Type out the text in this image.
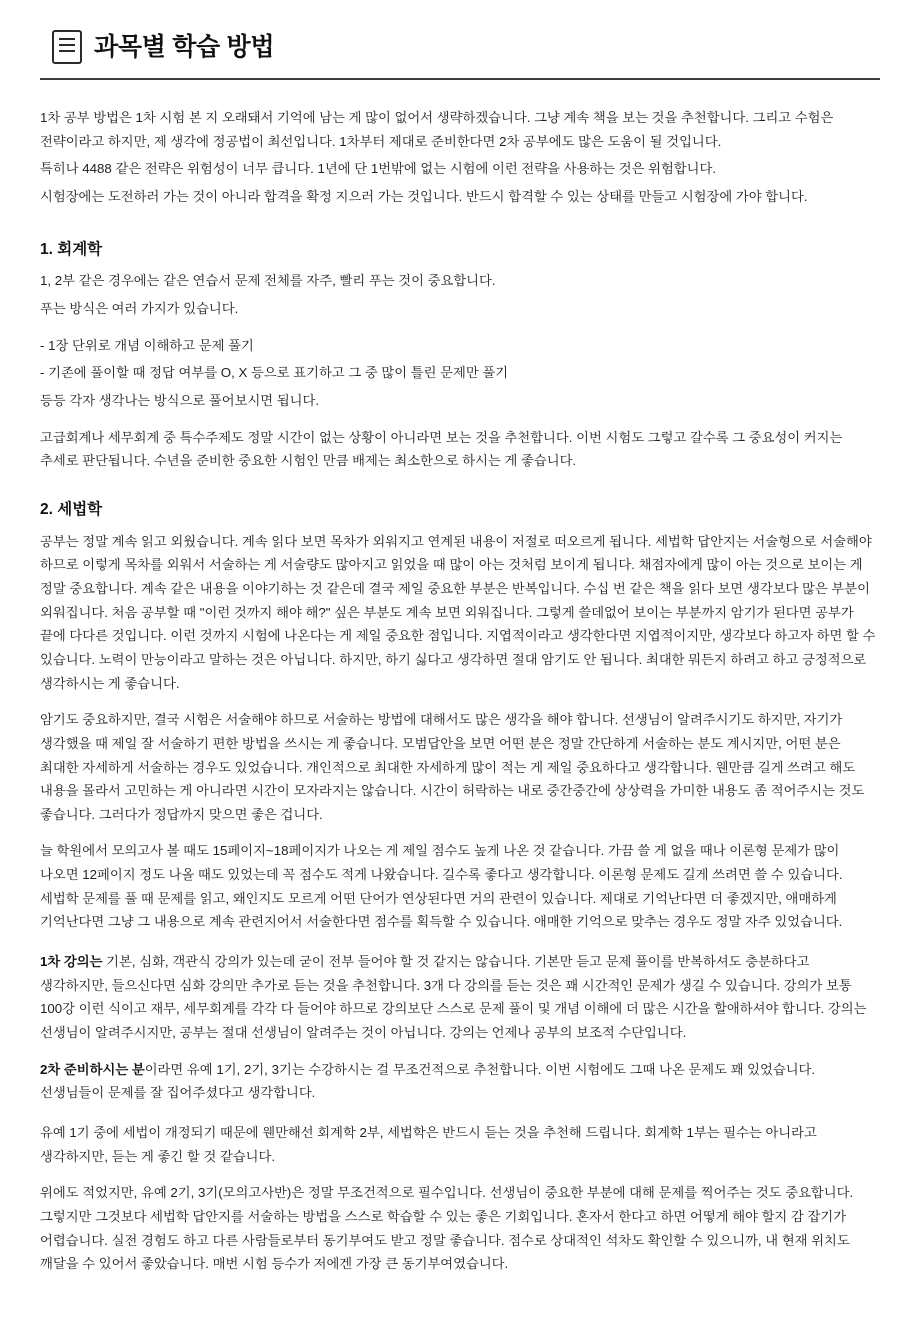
과목별 학습 방법

1차 공부 방법은 1차 시험 본 지 오래돼서 기억에 남는 게 많이 없어서 생략하겠습니다. 그냥 계속 책을 보는 것을 추천합니다. 그리고 수험은 전략이라고 하지만, 제 생각에 정공법이 최선입니다. 1차부터 제대로 준비한다면 2차 공부에도 많은 도움이 될 것입니다.

특히나 4488 같은 전략은 위험성이 너무 큽니다. 1년에 단 1번밖에 없는 시험에 이런 전략을 사용하는 것은 위험합니다.

시험장에는 도전하러 가는 것이 아니라 합격을 확정 지으러 가는 것입니다. 반드시 합격할 수 있는 상태를 만들고 시험장에 가야 합니다.

1. 회계학

1, 2부 같은 경우에는 같은 연습서 문제 전체를 자주, 빨리 푸는 것이 중요합니다.

푸는 방식은 여러 가지가 있습니다.

- 1장 단위로 개념 이해하고 문제 풀기

- 기존에 풀이할 때 정답 여부를 O, X 등으로 표기하고 그 중 많이 틀린 문제만 풀기

등등 각자 생각나는 방식으로 풀어보시면 됩니다.

고급회계나 세무회계 중 특수주제도 정말 시간이 없는 상황이 아니라면 보는 것을 추천합니다. 이번 시험도 그렇고 갈수록 그 중요성이 커지는 추세로 판단됩니다. 수년을 준비한 중요한 시험인 만큼 배제는 최소한으로 하시는 게 좋습니다.

2. 세법학

공부는 정말 계속 읽고 외웠습니다. 계속 읽다 보면 목차가 외워지고 연계된 내용이 저절로 떠오르게 됩니다. 세법학 답안지는 서술형으로 서술해야 하므로 이렇게 목차를 외워서 서술하는 게 서술량도 많아지고 읽었을 때 많이 아는 것처럼 보이게 됩니다. 채점자에게 많이 아는 것으로 보이는 게 정말 중요합니다. 계속 같은 내용을 이야기하는 것 같은데 결국 제일 중요한 부분은 반복입니다. 수십 번 같은 책을 읽다 보면 생각보다 많은 부분이 외워집니다. 처음 공부할 때 "이런 것까지 해야 해?" 싶은 부분도 계속 보면 외워집니다. 그렇게 쓸데없어 보이는 부분까지 암기가 된다면 공부가 끝에 다다른 것입니다. 이런 것까지 시험에 나온다는 게 제일 중요한 점입니다. 지엽적이라고 생각한다면 지엽적이지만, 생각보다 하고자 하면 할 수 있습니다. 노력이 만능이라고 말하는 것은 아닙니다. 하지만, 하기 싫다고 생각하면 절대 암기도 안 됩니다. 최대한 뭐든지 하려고 하고 긍정적으로 생각하시는 게 좋습니다.

암기도 중요하지만, 결국 시험은 서술해야 하므로 서술하는 방법에 대해서도 많은 생각을 해야 합니다. 선생님이 알려주시기도 하지만, 자기가 생각했을 때 제일 잘 서술하기 편한 방법을 쓰시는 게 좋습니다. 모범답안을 보면 어떤 분은 정말 간단하게 서술하는 분도 계시지만, 어떤 분은 최대한 자세하게 서술하는 경우도 있었습니다. 개인적으로 최대한 자세하게 많이 적는 게 제일 중요하다고 생각합니다. 웬만큼 길게 쓰려고 해도 내용을 몰라서 고민하는 게 아니라면 시간이 모자라지는 않습니다. 시간이 허락하는 내로 중간중간에 상상력을 가미한 내용도 좀 적어주시는 것도 좋습니다. 그러다가 정답까지 맞으면 좋은 겁니다.

늘 학원에서 모의고사 볼 때도 15페이지~18페이지가 나오는 게 제일 점수도 높게 나온 것 같습니다. 가끔 쓸 게 없을 때나 이론형 문제가 많이 나오면 12페이지 정도 나올 때도 있었는데 꼭 점수도 적게 나왔습니다. 길수록 좋다고 생각합니다. 이론형 문제도 길게 쓰려면 쓸 수 있습니다. 세법학 문제를 풀 때 문제를 읽고, 왜인지도 모르게 어떤 단어가 연상된다면 거의 관련이 있습니다. 제대로 기억난다면 더 좋겠지만, 애매하게 기억난다면 그냥 그 내용으로 계속 관련지어서 서술한다면 점수를 획득할 수 있습니다. 애매한 기억으로 맞추는 경우도 정말 자주 있었습니다.

1차 강의는 기본, 심화, 객관식 강의가 있는데 굳이 전부 들어야 할 것 같지는 않습니다. 기본만 듣고 문제 풀이를 반복하셔도 충분하다고 생각하지만, 들으신다면 심화 강의만 추가로 듣는 것을 추천합니다. 3개 다 강의를 듣는 것은 꽤 시간적인 문제가 생길 수 있습니다. 강의가 보통 100강 이런 식이고 재무, 세무회계를 각각 다 들어야 하므로 강의보단 스스로 문제 풀이 및 개념 이해에 더 많은 시간을 할애하셔야 합니다. 강의는 선생님이 알려주시지만, 공부는 절대 선생님이 알려주는 것이 아닙니다. 강의는 언제나 공부의 보조적 수단입니다.

2차 준비하시는 분이라면 유예 1기, 2기, 3기는 수강하시는 걸 무조건적으로 추천합니다. 이번 시험에도 그때 나온 문제도 꽤 있었습니다. 선생님들이 문제를 잘 집어주셨다고 생각합니다.

유예 1기 중에 세법이 개정되기 때문에 웬만해선 회계학 2부, 세법학은 반드시 듣는 것을 추천해 드립니다. 회계학 1부는 필수는 아니라고 생각하지만, 듣는 게 좋긴 할 것 같습니다.

위에도 적었지만, 유예 2기, 3기(모의고사반)은 정말 무조건적으로 필수입니다. 선생님이 중요한 부분에 대해 문제를 찍어주는 것도 중요합니다. 그렇지만 그것보다 세법학 답안지를 서술하는 방법을 스스로 학습할 수 있는 좋은 기회입니다. 혼자서 한다고 하면 어떻게 해야 할지 감 잡기가 어렵습니다. 실전 경험도 하고 다른 사람들로부터 동기부여도 받고 정말 좋습니다. 점수로 상대적인 석차도 확인할 수 있으니까, 내 현재 위치도 깨달을 수 있어서 좋았습니다. 매번 시험 등수가 저에겐 가장 큰 동기부여였습니다.
